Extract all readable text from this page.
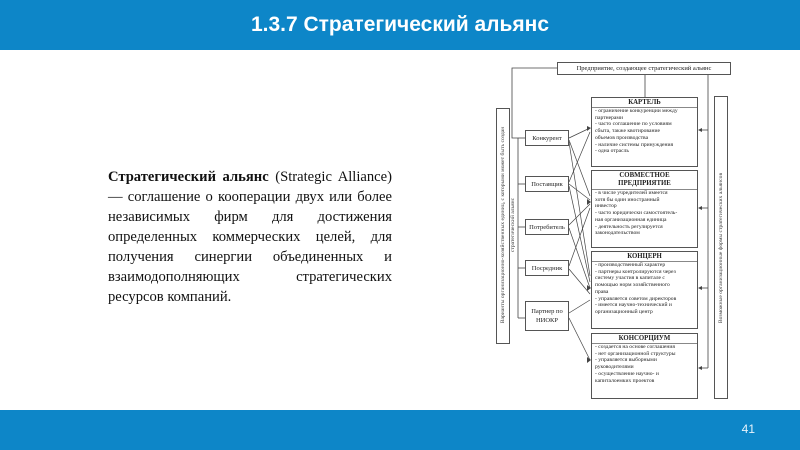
1.3.7 Стратегический альянс

Стратегический альянс (Strategic Alliance) — соглашение о кооперации двух или более независимых фирм для достижения определенных коммерческих целей, для получения синергии объединенных и взаимодополняющих стратегических ресурсов компаний.	Варианты организационно-хозяйственных единиц, с которыми может быть создан стратегический альянс
Предприятие, создающее стратегический альянс
Конкурент
Поставщик
Потребитель
Посредник
Партнер по НИОКР
КАРТЕЛЬ
- ограничение конкуренции между
партнерами
- часто соглашение по условиям
сбыта, также квотирование
объемов производства
- наличие системы принуждения
- одна отрасль
СОВМЕСТНОЕ ПРЕДПРИЯТИЕ
- в числе учредителей имеется
хотя бы один иностранный
инвестор
- часто юридически самостоятель-
ная организационная единица
- деятельность регулируется
законодательством
КОНЦЕРН
- производственный характер
- партнеры контролируются через
систему участия в капитале с
помощью норм хозяйственного
права
- управляется советом директоров
- имеется научно-технический и
организационный центр
КОНСОРЦИУМ
- создается на основе соглашения
- нет организационной структуры
- управляется выборными
руководителями
- осуществление научно- и
капиталоемких проектов
Возможные организационные формы стратегических альянсов
41
